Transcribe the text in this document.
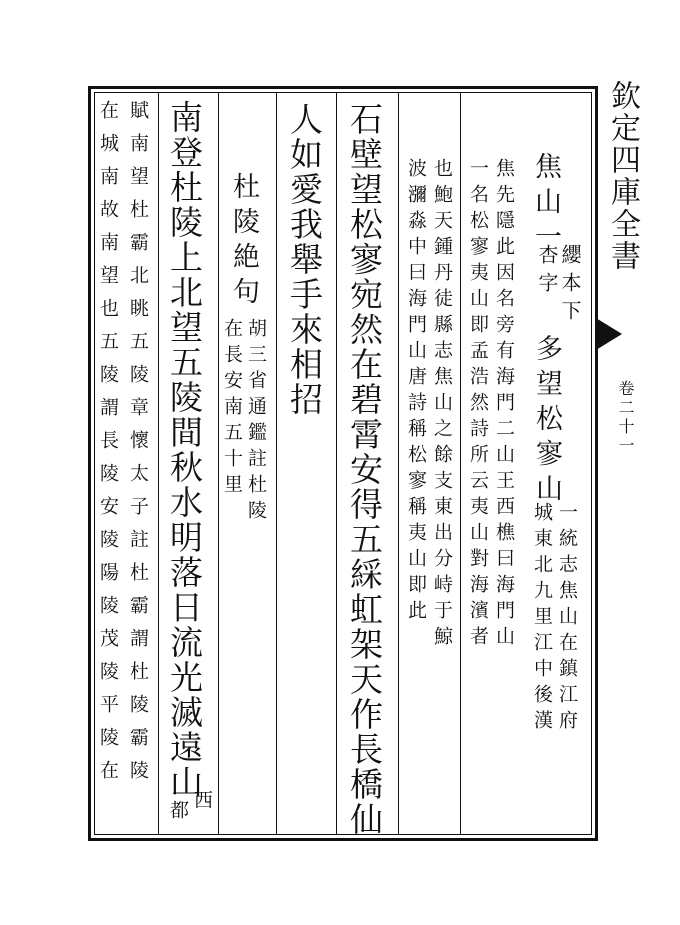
欽定四庫全書
卷二十一
焦山一
纓本下
杏字
多望松寥山
一統志焦山在鎮江府
城東北九里江中後漢
焦先隱此因名旁有海門二山王西樵曰海門山
一名松寥夷山即孟浩然詩所云夷山對海濱者
也鮑天鍾丹徒縣志焦山之餘支東出分峙于鯨
波瀰淼中曰海門山唐詩稱松寥稱夷山即此
石壁望松寥宛然在碧霄安得五綵虹架天作長橋仙
人如愛我舉手來相招
杜陵絶句
胡三省通鑑註杜陵
在長安南五十里
南登杜陵上北望五陵間秋水明落日流光滅遠山
西
都
賦南望杜霸北眺五陵章懷太子註杜霸謂杜陵霸陵
在城南故南望也五陵謂長陵安陵陽陵茂陵平陵在
